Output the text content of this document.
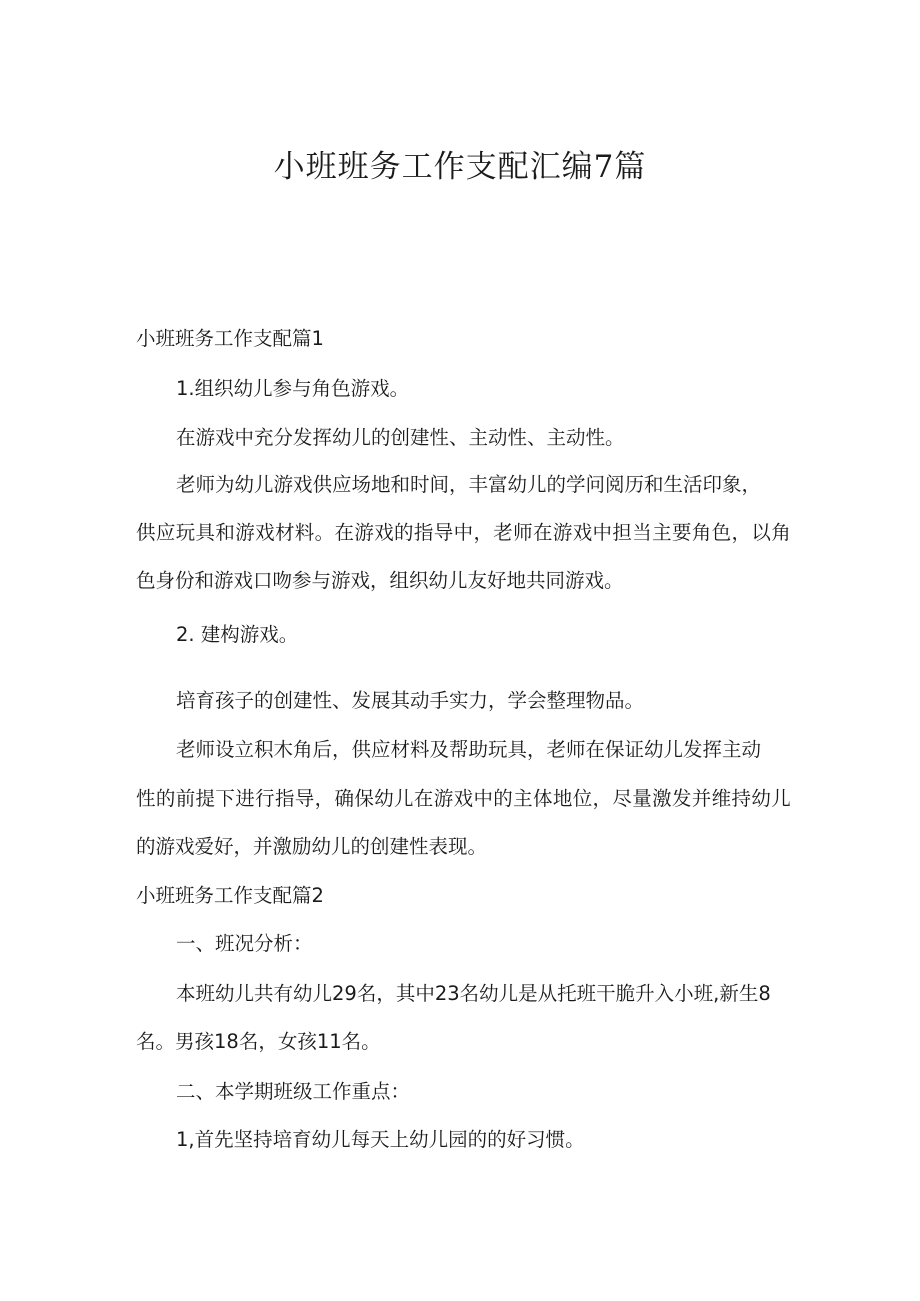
小班班务工作支配汇编7篇

小班班务工作支配篇1

1.组织幼儿参与角色游戏。

在游戏中充分发挥幼儿的创建性、主动性、主动性。

老师为幼儿游戏供应场地和时间，丰富幼儿的学问阅历和生活印象，

供应玩具和游戏材料。在游戏的指导中，老师在游戏中担当主要角色，以角

色身份和游戏口吻参与游戏，组织幼儿友好地共同游戏。

2. 建构游戏。

培育孩子的创建性、发展其动手实力，学会整理物品。

老师设立积木角后，供应材料及帮助玩具，老师在保证幼儿发挥主动

性的前提下进行指导，确保幼儿在游戏中的主体地位，尽量激发并维持幼儿

的游戏爱好，并激励幼儿的创建性表现。

小班班务工作支配篇2

一、班况分析：

本班幼儿共有幼儿29名，其中23名幼儿是从托班干脆升入小班,新生8

名。男孩18名，女孩11名。

二、本学期班级工作重点：

1,首先坚持培育幼儿每天上幼儿园的的好习惯。
